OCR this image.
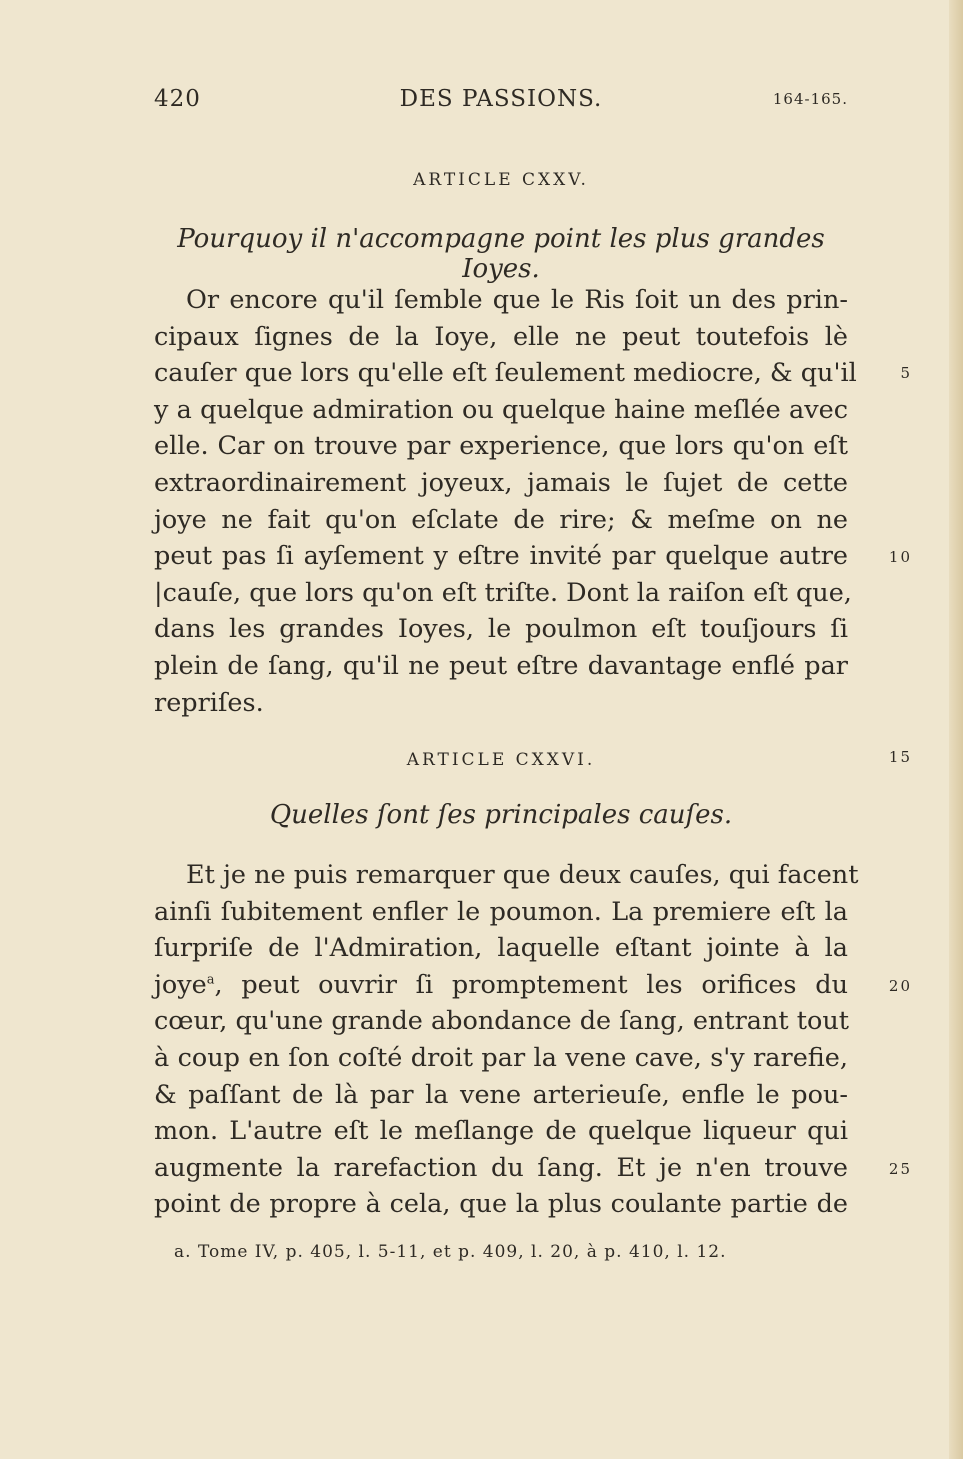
420	DES PASSIONS.	164-165.
ARTICLE CXXV.
Pourquoy il n'accompagne point les plus grandes Ioyes.
Or encore qu'il ſemble que le Ris ſoit un des prin-
cipaux ſignes de la Ioye, elle ne peut toutefois lè
cauſer que lors qu'elle eſt ſeulement mediocre, & qu'il
y a quelque admiration ou quelque haine meſlée avec
elle. Car on trouve par experience, que lors qu'on eſt
extraordinairement joyeux, jamais le ſujet de cette
joye ne fait qu'on eſclate de rire; & meſme on ne
peut pas ſi ayſement y eſtre invité par quelque autre
|cauſe, que lors qu'on eſt triſte. Dont la raiſon eſt que,
dans les grandes Ioyes, le poulmon eſt touſjours ſi
plein de ſang, qu'il ne peut eſtre davantage enflé par
repriſes.
ARTICLE CXXVI.
Quelles ſont ſes principales cauſes.
Et je ne puis remarquer que deux cauſes, qui facent
ainſi ſubitement enfler le poumon. La premiere eſt la
ſurpriſe de l'Admiration, laquelle eſtant jointe à la
joye$^a$, peut ouvrir ſi promptement les orifices du
cœur, qu'une grande abondance de ſang, entrant tout
à coup en ſon coſté droit par la vene cave, s'y rarefie,
& paſſant de là par la vene arterieuſe, enfle le pou-
mon. L'autre eſt le meſlange de quelque liqueur qui
augmente la rarefaction du ſang. Et je n'en trouve
point de propre à cela, que la plus coulante partie de
5
10
15
20
25
a. Tome IV, p. 405, l. 5-11, et p. 409, l. 20, à p. 410, l. 12.
